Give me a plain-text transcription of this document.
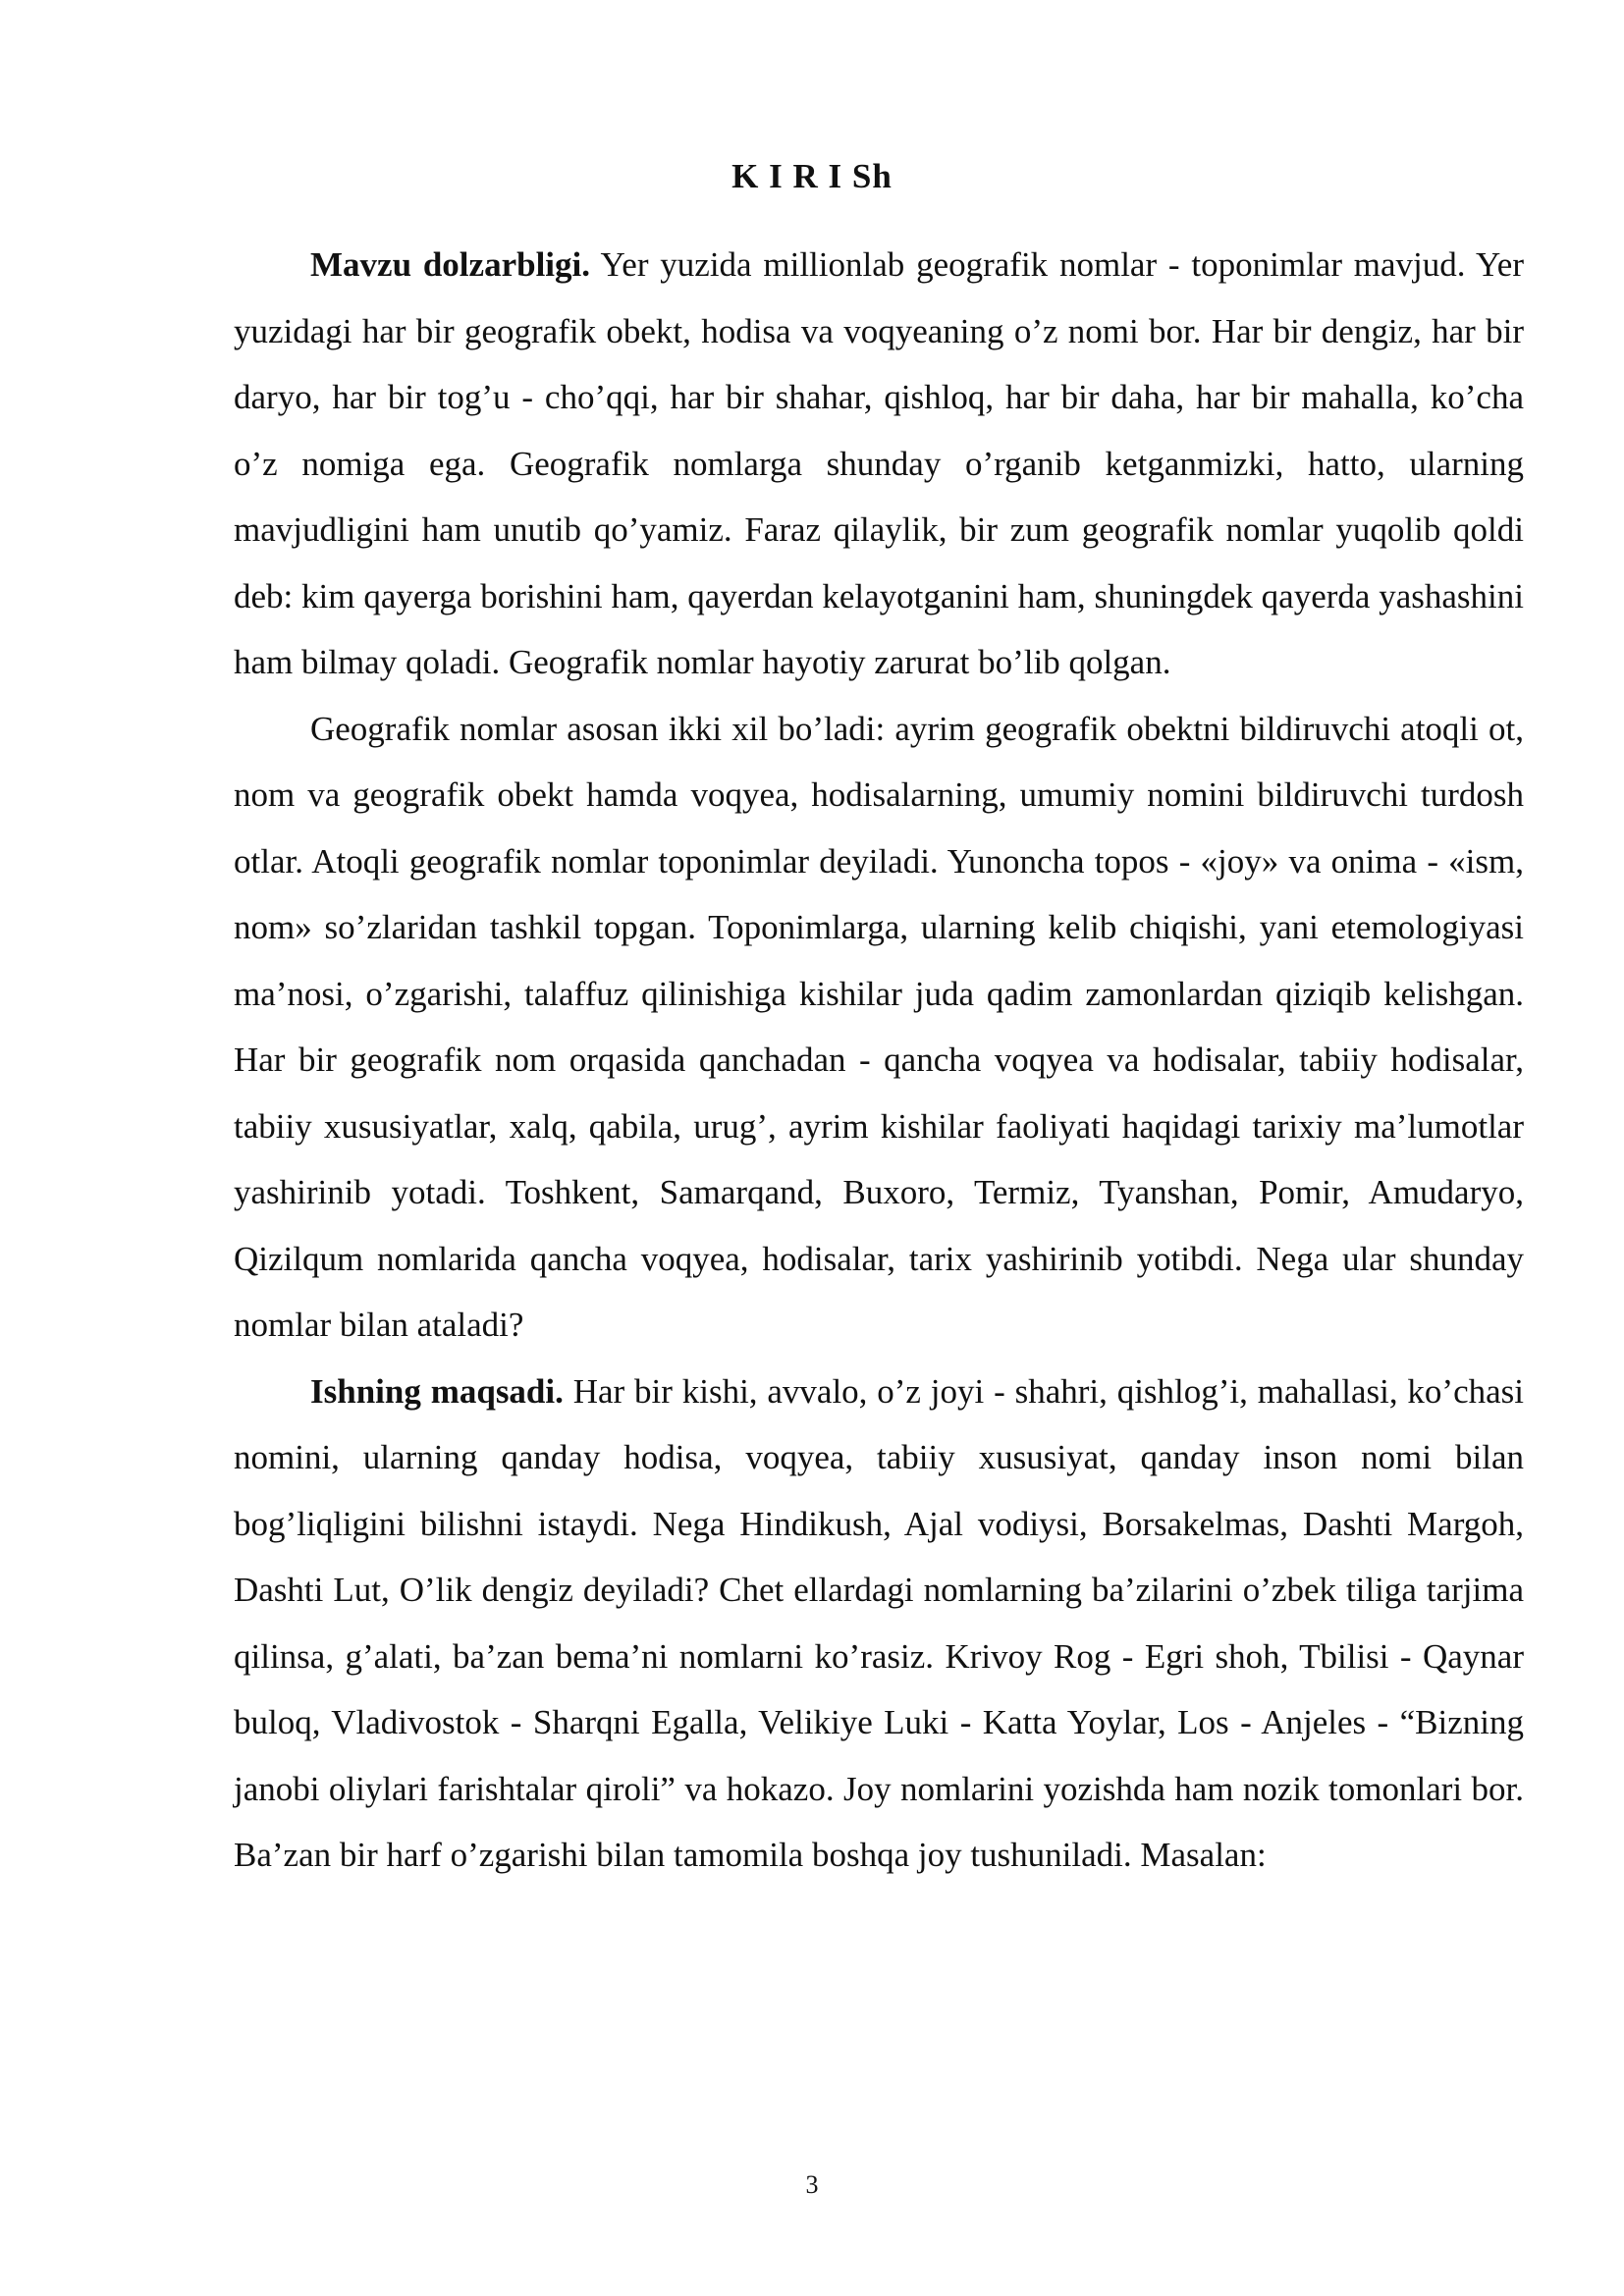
K I R I Sh

Mavzu dolzarbligi. Yer yuzida millionlab geografik nomlar - toponimlar mavjud. Yer yuzidagi har bir geografik obekt, hodisa va voqyeaning o’z nomi bor. Har bir dengiz, har bir daryo, har bir tog’u - cho’qqi, har bir shahar, qishloq, har bir daha, har bir mahalla, ko’cha o’z nomiga ega. Geografik nomlarga shunday o’rganib ketganmizki, hatto, ularning mavjudligini ham unutib qo’yamiz. Faraz qilaylik, bir zum geografik nomlar yuqolib qoldi deb: kim qayerga borishini ham, qayerdan kelayotganini ham, shuningdek qayerda yashashini ham bilmay qoladi. Geografik nomlar hayotiy zarurat bo’lib qolgan.

Geografik nomlar asosan ikki xil bo’ladi: ayrim geografik obektni bildiruvchi atoqli ot, nom va geografik obekt hamda voqyea, hodisalarning, umumiy nomini bildiruvchi turdosh otlar. Atoqli geografik nomlar toponimlar deyiladi. Yunoncha topos - «joy» va onima - «ism, nom» so’zlaridan tashkil topgan. Toponimlarga, ularning kelib chiqishi, yani etemologiyasi ma’nosi, o’zgarishi, talaffuz qilinishiga kishilar juda qadim zamonlardan qiziqib kelishgan. Har bir geografik nom orqasida qanchadan - qancha voqyea va hodisalar, tabiiy hodisalar, tabiiy xususiyatlar, xalq, qabila, urug’, ayrim kishilar faoliyati haqidagi tarixiy ma’lumotlar yashirinib yotadi. Toshkent, Samarqand, Buxoro, Termiz, Tyanshan, Pomir, Amudaryo, Qizilqum nomlarida qancha voqyea, hodisalar, tarix yashirinib yotibdi. Nega ular shunday nomlar bilan ataladi?

Ishning maqsadi. Har bir kishi, avvalo, o’z joyi - shahri, qishlog’i, mahallasi, ko’chasi nomini, ularning qanday hodisa, voqyea, tabiiy xususiyat, qanday inson nomi bilan bog’liqligini bilishni istaydi. Nega Hindikush, Ajal vodiysi, Borsakelmas, Dashti Margoh, Dashti Lut, O’lik dengiz deyiladi? Chet ellardagi nomlarning ba’zilarini o’zbek tiliga tarjima qilinsa, g’alati, ba’zan bema’ni nomlarni ko’rasiz. Krivoy Rog - Egri shoh, Tbilisi - Qaynar buloq, Vladivostok - Sharqni Egalla, Velikiye Luki - Katta Yoylar, Los - Anjeles - “Bizning janobi oliylari farishtalar qiroli” va hokazo. Joy nomlarini yozishda ham nozik tomonlari bor. Ba’zan bir harf o’zgarishi bilan tamomila boshqa joy tushuniladi. Masalan:

3
